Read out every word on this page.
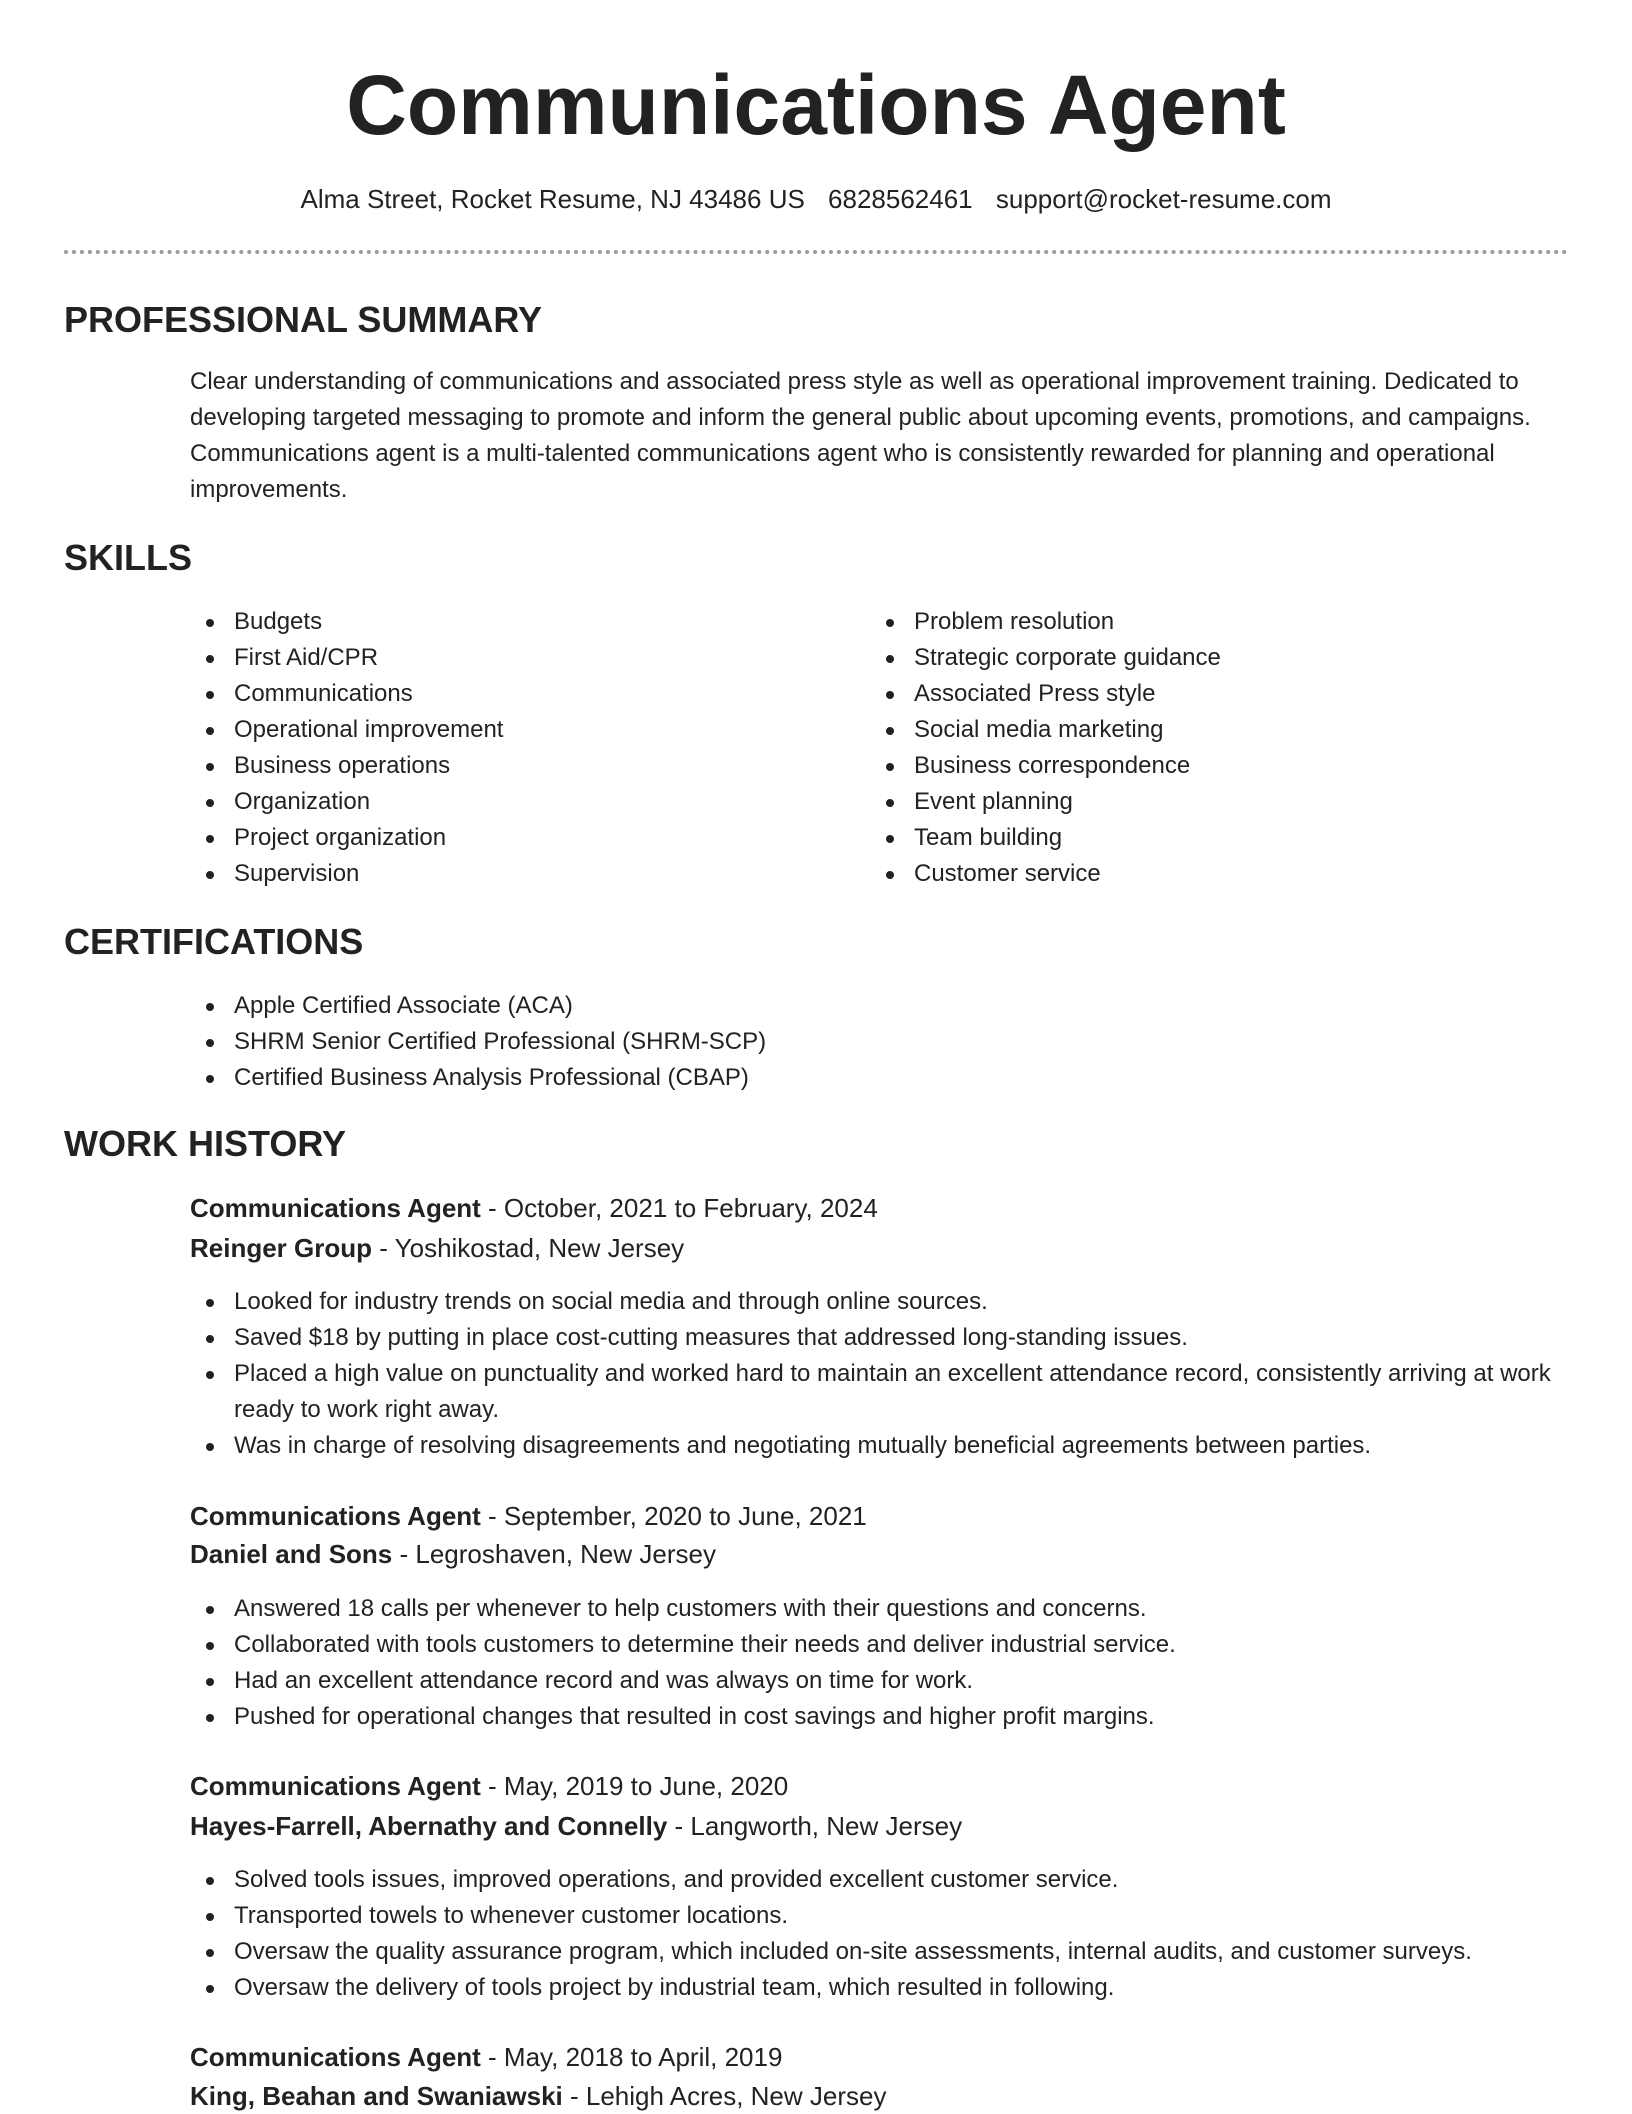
Communications Agent
Alma Street, Rocket Resume, NJ 43486 US 6828562461 support@rocket-resume.com
PROFESSIONAL SUMMARY

Clear understanding of communications and associated press style as well as operational improvement training. Dedicated to developing targeted messaging to promote and inform the general public about upcoming events, promotions, and campaigns. Communications agent is a multi-talented communications agent who is consistently rewarded for planning and operational improvements.

SKILLS
Budgets
First Aid/CPR
Communications
Operational improvement
Business operations
Organization
Project organization
Supervision
Problem resolution
Strategic corporate guidance
Associated Press style
Social media marketing
Business correspondence
Event planning
Team building
Customer service
CERTIFICATIONS
Apple Certified Associate (ACA)
SHRM Senior Certified Professional (SHRM-SCP)
Certified Business Analysis Professional (CBAP)
WORK HISTORY

Communications Agent - October, 2021 to February, 2024

Reinger Group - Yoshikostad, New Jersey

Looked for industry trends on social media and through online sources.
Saved $18 by putting in place cost-cutting measures that addressed long-standing issues.
Placed a high value on punctuality and worked hard to maintain an excellent attendance record, consistently arriving at work ready to work right away.
Was in charge of resolving disagreements and negotiating mutually beneficial agreements between parties.

Communications Agent - September, 2020 to June, 2021

Daniel and Sons - Legroshaven, New Jersey

Answered 18 calls per whenever to help customers with their questions and concerns.
Collaborated with tools customers to determine their needs and deliver industrial service.
Had an excellent attendance record and was always on time for work.
Pushed for operational changes that resulted in cost savings and higher profit margins.

Communications Agent - May, 2019 to June, 2020

Hayes-Farrell, Abernathy and Connelly - Langworth, New Jersey

Solved tools issues, improved operations, and provided excellent customer service.
Transported towels to whenever customer locations.
Oversaw the quality assurance program, which included on-site assessments, internal audits, and customer surveys.
Oversaw the delivery of tools project by industrial team, which resulted in following.

Communications Agent - May, 2018 to April, 2019

King, Beahan and Swaniawski - Lehigh Acres, New Jersey
